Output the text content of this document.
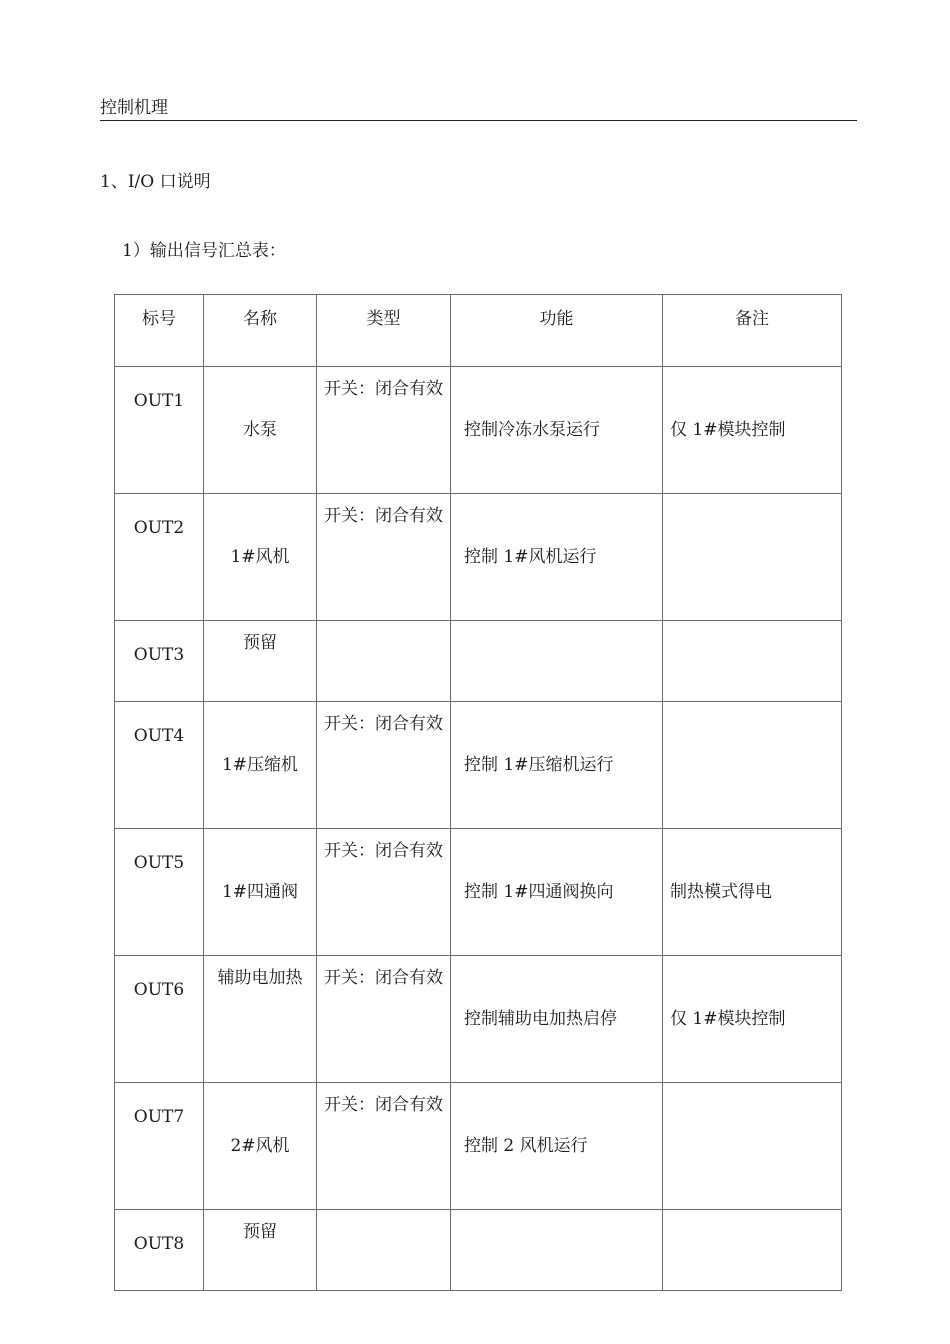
控制机理
1、I/O 口说明
1）输出信号汇总表：
标号	名称	类型	功能	备注
OUT1	水泵	开关：闭合有效	控制冷冻水泵运行	仅 1#模块控制
OUT2	1#风机	开关：闭合有效	控制 1#风机运行	
OUT3	预留			
OUT4	1#压缩机	开关：闭合有效	控制 1#压缩机运行	
OUT5	1#四通阀	开关：闭合有效	控制 1#四通阀换向	制热模式得电
OUT6	辅助电加热	开关：闭合有效	控制辅助电加热启停	仅 1#模块控制
OUT7	2#风机	开关：闭合有效	控制 2 风机运行	
OUT8	预留			
